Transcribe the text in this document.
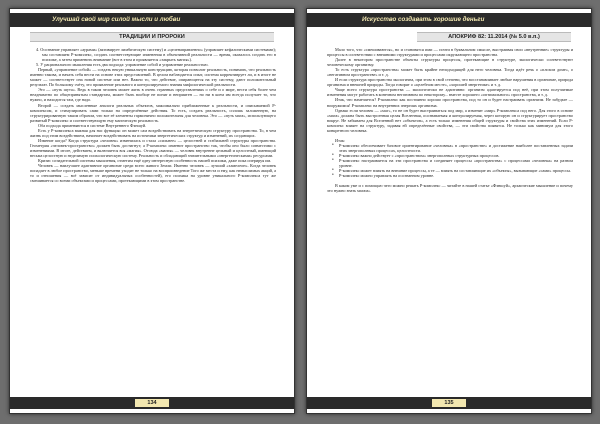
Улучшай свой мир силой мысли и любви
ТРАДИЦИИ И ПРОРОКИ

4. Осознание управляет «аурами» (активирует лимбическую систему) и «целенаправленно» (управляет кефалическими системами); мы составляем Р-комплекс, создать соответствующие изменения в объективной реальности — время, оказалось создать его в психике, а затем применить внимание (вот в этом и проявляется «закрыть магия»).

5. У рационального мышления есть два подхода: управление собой и управление реальностью.

Первый, «управление собой» — создать некую уникальную конструкцию, которая позволит реальность, понимать, что реальность именно такова, и начать себя вести на основе этих представлений. В целом наблюдается опыт, система коррективрует ли, и в итоге не может — соответствует она новой системе или нет. Важно то, что действие, опирающееся на эту систему, дают положительный результат. По большому счёту, это проявление реального и контролируемого знания мифологической реальности.

Это — «путь шута». Ведь в таком человек может жить в очень странных представлениях о себе и о мире, вести себя более чем неадекватно по общепринятым стандартам, может быть вообще не понят и неприятен — но ни в коем им всегда получает то, что нужно, и находится там, где надо.

Второй — создать мысленные аналоги реальных объектов, максимально приближенные к реальности, и описываемой Р-комплексом, и стимулировать сами только на определённые действия. То есть, создать реальность, сплошь заложенную, на структурированную таким образом, что все её элементы гармонично положительны для человека. Это — «путь мага», использующего развитый Р-комплекс и соответствующую ему магическую реальность.

Оба подхода применяются в системе Внутреннего Фэншуй.

Есть у Р-комплекса важная для нас функция: он может сам воздействовать на энергетическую структуру пространства. То, в чем жизнь под этим воздействием, начинает воздействовать на источники энергетических структур и изменений, их создающих.

Изменит когда? Когда структура «человек» изменилась и стала «сильнее» — целостней и стабильней структуры пространства. Геометрия «человек-пространство» должен быть достигнут; а Р-комплекс изменит пространство так, чтобы оно было совместимо с изменениями. В итоге, действием, и включается вся «магия». Отсюда «магия» — человек внутренне цельный и целостный, имеющий весьма целостную и неделимую психологическую систему. Реальность и обладающий значительными «энергетическими» ресурсами.

Кризис созидательной системы мышления, отметим ещё одну интересную особенность нашей психики, даже пока оперируя им.

Человек — наилучшее адаптивное организме среди всего живого Земли. Именно человек — лучший «хамелеон». Когда человек попадает в любое пространство, меньше времени уходит не только на воспроизведение Того же места и ему, как немыслимых акций, а то и отношения — всё зависит от индивидуальных особенностей), его психика на уровне уникального Р-комплекса тут же смешивается со всеми объектами и процессами, протекающими в этом пространстве.

134
Искусство создавать хорошие деньги
АПОКРИФ 82: 11.2014 (№ 5.0 в.п.)

Мало того, что «смешиваются», но и становятся ими — почти в буквальном смысле, выстраивая свои «внутренние» структуры и процессы в соответствии с внешними структурами и процессами окружающего пространства.

Далее в некотором пространстве объекты структуры процессы, протекающие в структуре, экологически соответствуют человеческому организму.

То есть структура «пространства» может быть крайне неподходящей для него человека. Тогда идёт речь о «плохом доме», о «негативном пространстве» и т. д.

И если структура пространства экологична, при этом в свой степени, что восстанавливает любые нарушения в организме, природа организма и внешней природы. Тогда говорят о «целебном месте», «хорошей энергетике» и т. д.

Чаще всего структура пространства — экологически не адаптивно: организм адаптируется под неё, при этом получаемые изменения могут работать в конечном негативном по некоторому... вместе хорошего «оптимального» пространства, и т. д.

Итак, что намечается? Р-комплекс как постоянно хорошо пространства, под то он и будет настраивать организм. Не забудьте — вооружимся! Р-комплекс на внутренних энергиях организма.

Однако если человек — «маг», то не он будет выстраиваться под мир, а изменит «мир» Р-комплекса под него. Для этого в основе «мага» должна быть выстроенная целая Вселенная, осознаваемая и контролируемая, через которую он и структурирует пространство вокруг. Не забываем для Вселенной нет «объектов», а есть только изменения общей структуры и свойства этих изменений. Если Р-комплекс влияет на структуру, задавая ей определённые свойства, — эти свойства появятся. Не только как минимум для этого конкретного человека.

Итак:

• Р-комплекс обеспечивает базовое ориентирование «человека» в «пространстве» и достижение наиболее поставленных задачи этих энергополевых процессах, целостности.
• Р-комплекс важно действует с «пространством» энергополевых структурных процессов.
• Р-комплекс настраивается на эти пространства и соединяет процессы «пространства» с процессами «человека» на разном уровне.
• Р-комплекс может влиять на внешние процессы, а те — влиять на составляющие их «объекты», вызывающие «сами» процессы.
• Р-комплекс можно управлять на осознанном уровне.

В каком уме и с помощью чего можно решать Р-комплекс — читайте в нашей статье «Фэншуй», архаические мышление и почему это нужно знать магам».

135
